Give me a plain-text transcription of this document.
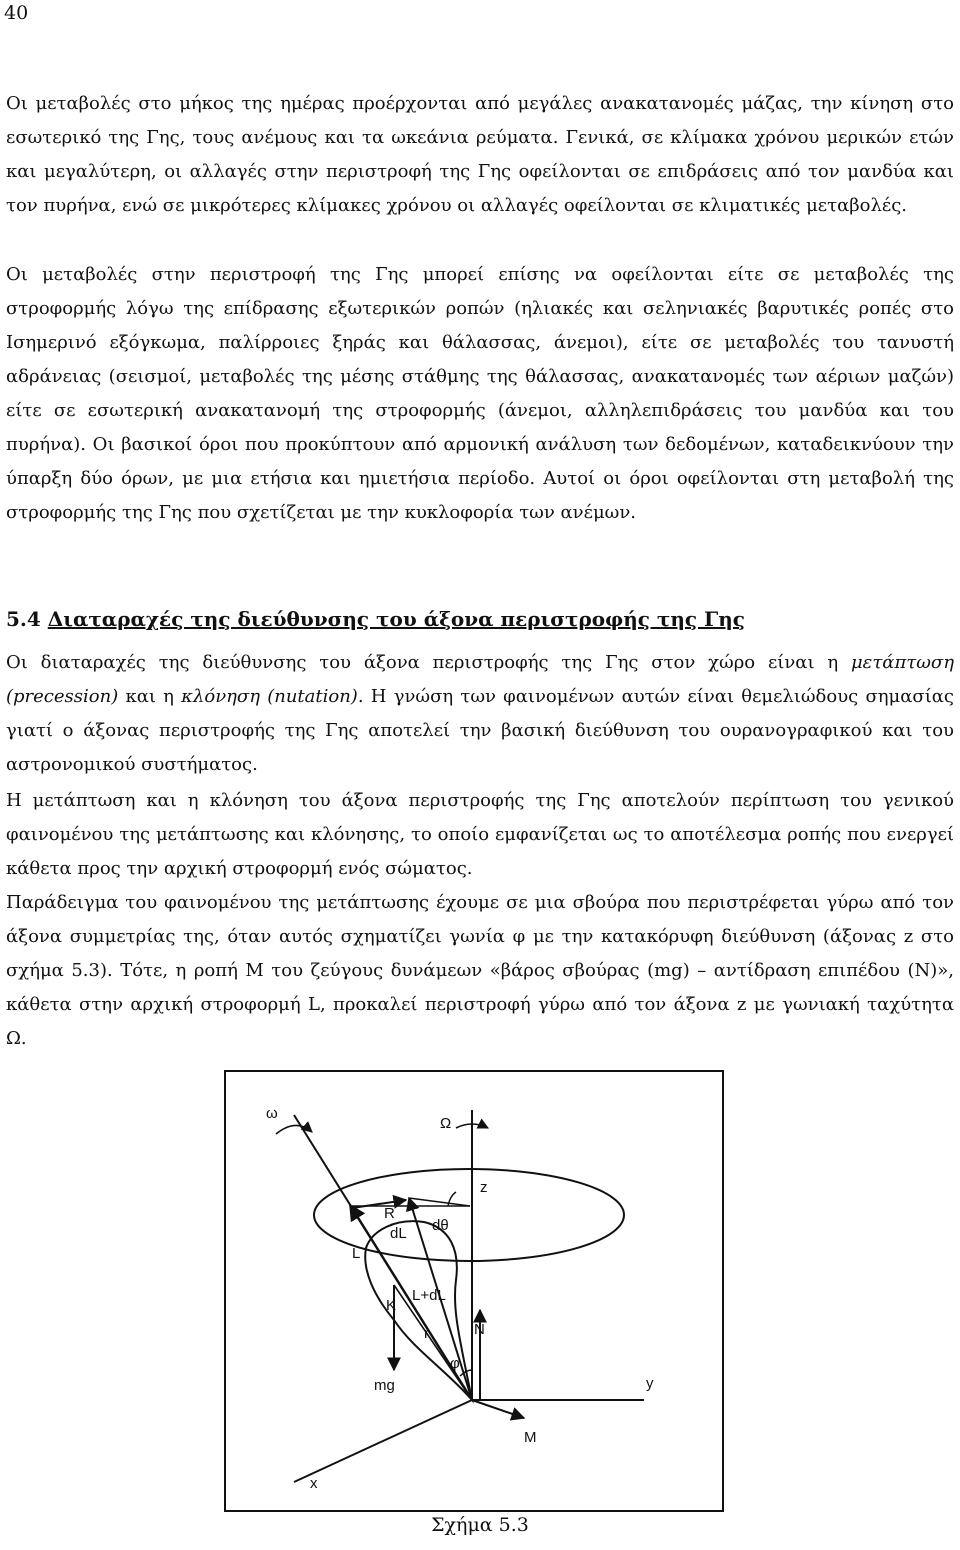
40

Οι μεταβολές στο μήκος της ημέρας προέρχονται από μεγάλες ανακατανομές μάζας, την κίνηση στο εσωτερικό της Γης, τους ανέμους και τα ωκεάνια ρεύματα. Γενικά, σε κλίμακα χρόνου μερικών ετών και μεγαλύτερη, οι αλλαγές στην περιστροφή της Γης οφείλονται σε επιδράσεις από τον μανδύα και τον πυρήνα, ενώ σε μικρότερες κλίμακες χρόνου οι αλλαγές οφείλονται σε κλιματικές μεταβολές.

Οι μεταβολές στην περιστροφή της Γης μπορεί επίσης να οφείλονται είτε σε μεταβολές της στροφορμής λόγω της επίδρασης εξωτερικών ροπών (ηλιακές και σεληνιακές βαρυτικές ροπές στο Ισημερινό εξόγκωμα, παλίρροιες ξηράς και θάλασσας, άνεμοι), είτε σε μεταβολές του τανυστή αδράνειας (σεισμοί, μεταβολές της μέσης στάθμης της θάλασσας, ανακατανομές των αέριων μαζών) είτε σε εσωτερική ανακατανομή της στροφορμής (άνεμοι, αλληλεπιδράσεις του μανδύα και του πυρήνα). Οι βασικοί όροι που προκύπτουν από αρμονική ανάλυση των δεδομένων, καταδεικνύουν την ύπαρξη δύο όρων, με μια ετήσια και ημιετήσια περίοδο. Αυτοί οι όροι οφείλονται στη μεταβολή της στροφορμής της Γης που σχετίζεται με την κυκλοφορία των ανέμων.

5.4 Διαταραχές της διεύθυνσης του άξονα περιστροφής της Γης

Οι διαταραχές της διεύθυνσης του άξονα περιστροφής της Γης στον χώρο είναι η μετάπτωση (precession) και η κλόνηση (nutation). Η γνώση των φαινομένων αυτών είναι θεμελιώδους σημασίας γιατί ο άξονας περιστροφής της Γης αποτελεί την βασική διεύθυνση του ουρανογραφικού και του αστρονομικού συστήματος.

Η μετάπτωση και η κλόνηση του άξονα περιστροφής της Γης αποτελούν περίπτωση του γενικού φαινομένου της μετάπτωσης και κλόνησης, το οποίο εμφανίζεται ως το αποτέλεσμα ροπής που ενεργεί κάθετα προς την αρχική στροφορμή ενός σώματος.

Παράδειγμα του φαινομένου της μετάπτωσης έχουμε σε μια σβούρα που περιστρέφεται γύρω από τον άξονα συμμετρίας της, όταν αυτός σχηματίζει γωνία φ με την κατακόρυφη διεύθυνση (άξονας z στο σχήμα 5.3). Τότε, η ροπή Μ του ζεύγους δυνάμεων «βάρος σβούρας (mg) – αντίδραση επιπέδου (N)», κάθετα στην αρχική στροφορμή L, προκαλεί περιστροφή γύρω από τον άξονα z με γωνιακή ταχύτητα Ω.

Ω
ω
z
R
dL dθ
L
L+dL
K
r	N
φ
mg	y
M
x
Σχήμα 5.3
